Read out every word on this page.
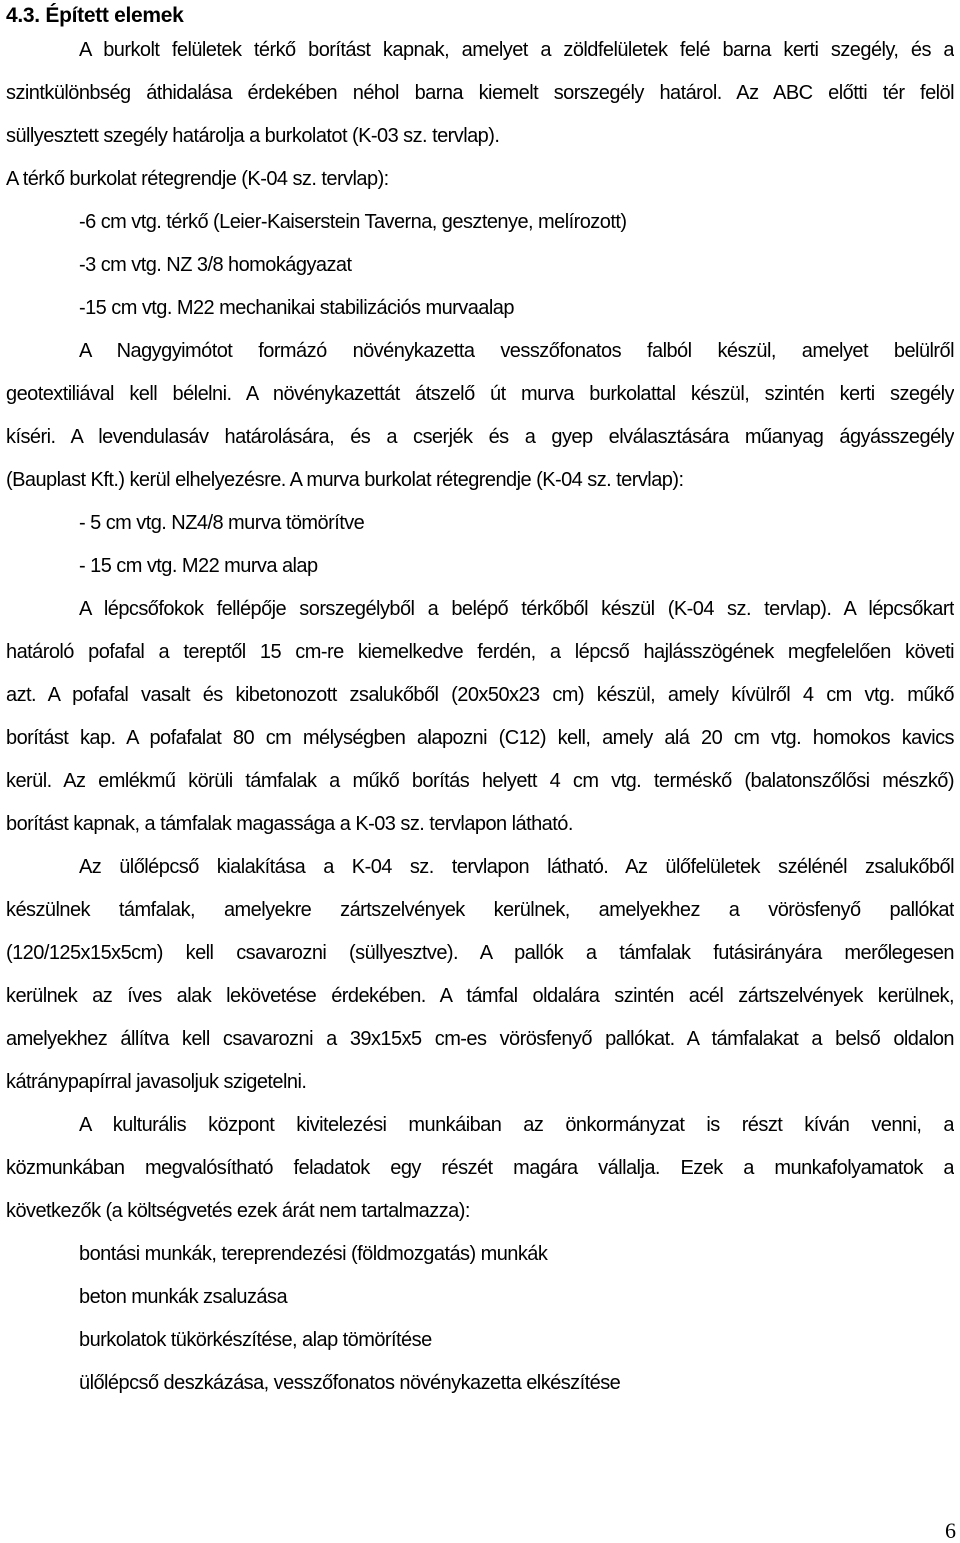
4.3. Épített elemek
A burkolt felületek térkő borítást kapnak, amelyet a zöldfelületek felé barna kerti szegély, és a
szintkülönbség áthidalása érdekében néhol barna kiemelt sorszegély határol. Az ABC előtti tér felöl
süllyesztett szegély határolja a burkolatot (K-03 sz. tervlap).
A térkő burkolat rétegrendje (K-04 sz. tervlap):
-6 cm vtg. térkő (Leier-Kaiserstein Taverna, gesztenye, melírozott)
-3 cm vtg. NZ 3/8 homokágyazat
-15 cm vtg. M22 mechanikai stabilizációs murvaalap
A Nagygyimótot formázó növénykazetta vesszőfonatos falból készül, amelyet belülről
geotextiliával kell bélelni. A növénykazettát átszelő út murva burkolattal készül, szintén kerti szegély
kíséri. A levendulasáv határolására, és a cserjék és a gyep elválasztására műanyag ágyásszegély
(Bauplast Kft.) kerül elhelyezésre. A murva burkolat rétegrendje (K-04 sz. tervlap):
- 5 cm vtg. NZ4/8 murva tömörítve
- 15 cm vtg. M22 murva alap
A lépcsőfokok fellépője sorszegélyből a belépő térkőből készül (K-04 sz. tervlap). A lépcsőkart
határoló pofafal a tereptől 15 cm-re kiemelkedve ferdén, a lépcső hajlásszögének megfelelően követi
azt. A pofafal vasalt és kibetonozott zsalukőből (20x50x23 cm) készül, amely kívülről 4 cm vtg. műkő
borítást kap. A pofafalat 80 cm mélységben alapozni (C12) kell, amely alá 20 cm vtg. homokos kavics
kerül. Az emlékmű körüli támfalak a műkő borítás helyett 4 cm vtg. terméskő (balatonszőlősi mészkő)
borítást kapnak, a támfalak magassága a K-03 sz. tervlapon látható.
Az ülőlépcső kialakítása a K-04 sz. tervlapon látható. Az ülőfelületek szélénél zsalukőből
készülnek támfalak, amelyekre zártszelvények kerülnek, amelyekhez a vörösfenyő pallókat
(120/125x15x5cm) kell csavarozni (süllyesztve). A pallók a támfalak futásirányára merőlegesen
kerülnek az íves alak lekövetése érdekében. A támfal oldalára szintén acél zártszelvények kerülnek,
amelyekhez állítva kell csavarozni a 39x15x5 cm-es vörösfenyő pallókat. A támfalakat a belső oldalon
kátránypapírral javasoljuk szigetelni.
A kulturális központ kivitelezési munkáiban az önkormányzat is részt kíván venni, a
közmunkában megvalósítható feladatok egy részét magára vállalja. Ezek a munkafolyamatok a
következők (a költségvetés ezek árát nem tartalmazza):
bontási munkák, tereprendezési (földmozgatás) munkák
beton munkák zsaluzása
burkolatok tükörkészítése, alap tömörítése
ülőlépcső deszkázása, vesszőfonatos növénykazetta elkészítése
6
